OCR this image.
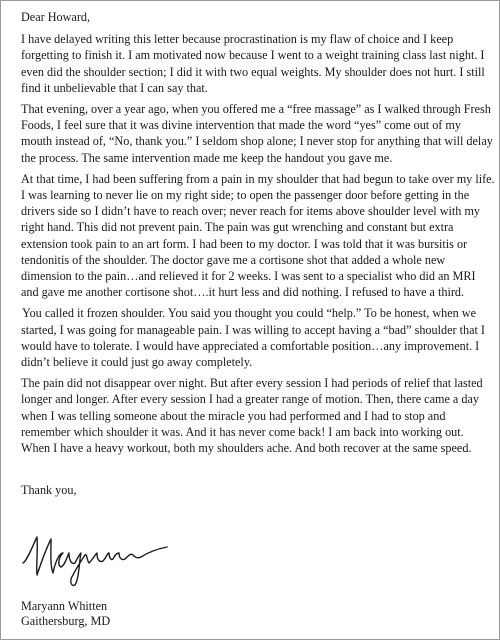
Dear Howard,

I have delayed writing this letter because procrastination is my flaw of choice and I keep forgetting to finish it. I am motivated now because I went to a weight training class last night. I even did the shoulder section; I did it with two equal weights. My shoulder does not hurt. I still find it unbelievable that I can say that.

That evening, over a year ago, when you offered me a “free massage” as I walked through Fresh Foods, I feel sure that it was divine intervention that made the word “yes” come out of my mouth instead of, “No, thank you.” I seldom shop alone; I never stop for anything that will delay the process. The same intervention made me keep the handout you gave me.

At that time, I had been suffering from a pain in my shoulder that had begun to take over my life. I was learning to never lie on my right side; to open the passenger door before getting in the drivers side so I didn’t have to reach over; never reach for items above shoulder level with my right hand. This did not prevent pain. The pain was gut wrenching and constant but extra extension took pain to an art form. I had been to my doctor. I was told that it was bursitis or tendonitis of the shoulder. The doctor gave me a cortisone shot that added a whole new dimension to the pain…and relieved it for 2 weeks. I was sent to a specialist who did an MRI and gave me another cortisone shot….it hurt less and did nothing. I refused to have a third.

You called it frozen shoulder. You said you thought you could “help.” To be honest, when we started, I was going for manageable pain. I was willing to accept having a “bad” shoulder that I would have to tolerate. I would have appreciated a comfortable position…any improvement. I didn’t believe it could just go away completely.

The pain did not disappear over night. But after every session I had periods of relief that lasted longer and longer. After every session I had a greater range of motion. Then, there came a day when I was telling someone about the miracle you had performed and I had to stop and remember which shoulder it was. And it has never come back! I am back into working out. When I have a heavy workout, both my shoulders ache. And both recover at the same speed.

Thank you,

Maryann Whitten
Gaithersburg, MD
